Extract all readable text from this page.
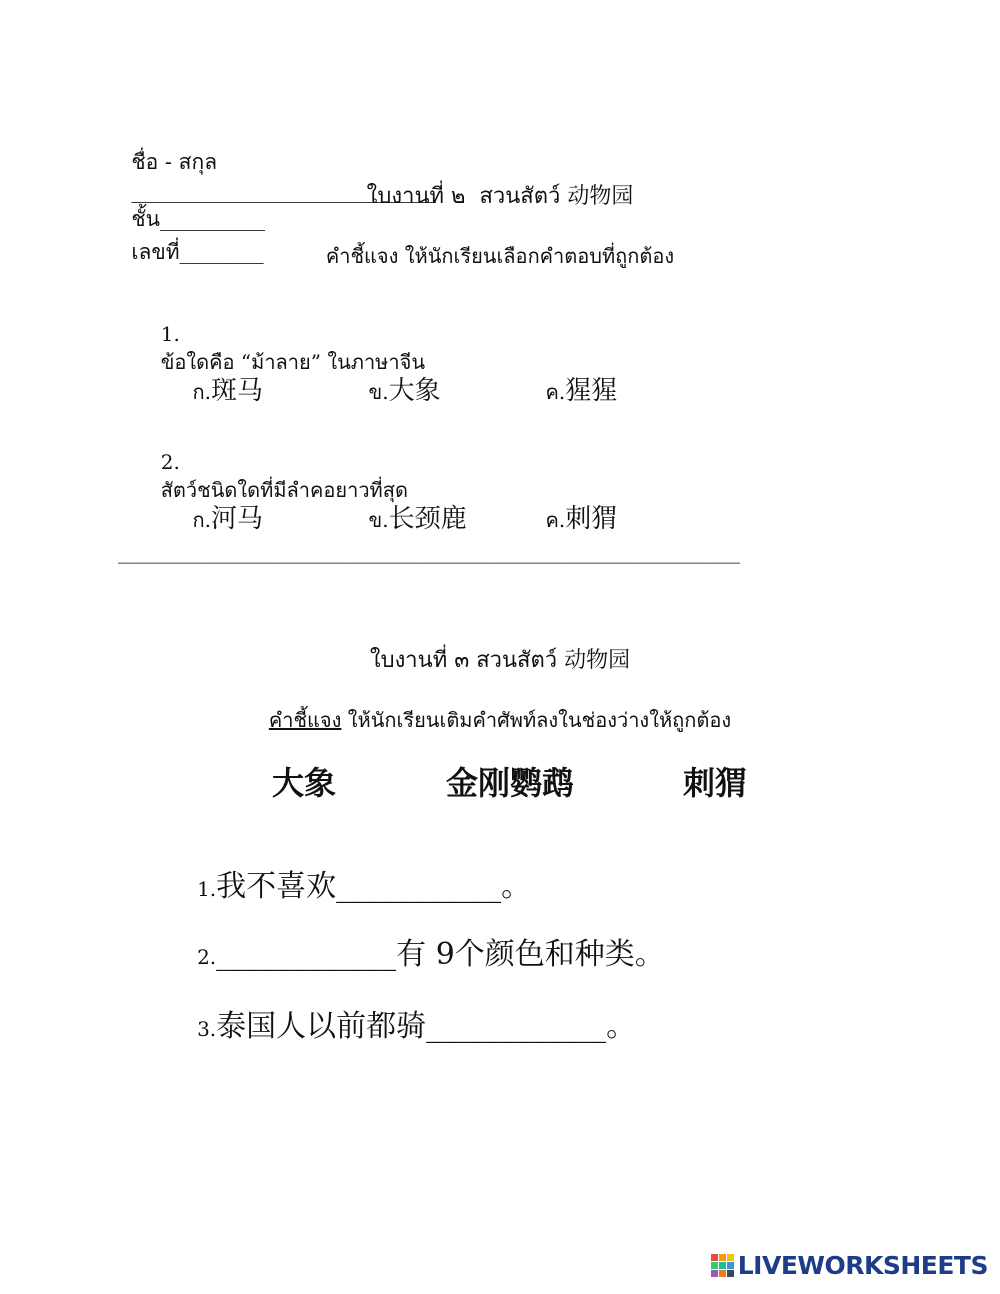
ชื่อ - สกุล
_____________________________
ชั้น__________
เลขที่________

ใบงานที่ ๒  สวนสัตว์ 动物园
คำชี้แจง ให้นักเรียนเลือกคำตอบที่ถูกต้อง

1.
ข้อใดคือ “ม้าลาย” ในภาษาจีน

ก.斑马	ข.大象	ค.猩猩

2.
สัตว์ชนิดใดที่มีลำคอยาวที่สุด

ก.河马	ข.长颈鹿	ค.刺猬

_____________________________________________________________________
ใบงานที่ ๓ สวนสัตว์ 动物园
คำชี้แจง ให้นักเรียนเติมคำศัพท์ลงในช่องว่างให้ถูกต้อง
大象	金刚鹦鹉	刺猬

1.我不喜欢___________。

2.____________有 9个颜色和种类。

3.泰国人以前都骑____________。

LIVEWORKSHEETS
